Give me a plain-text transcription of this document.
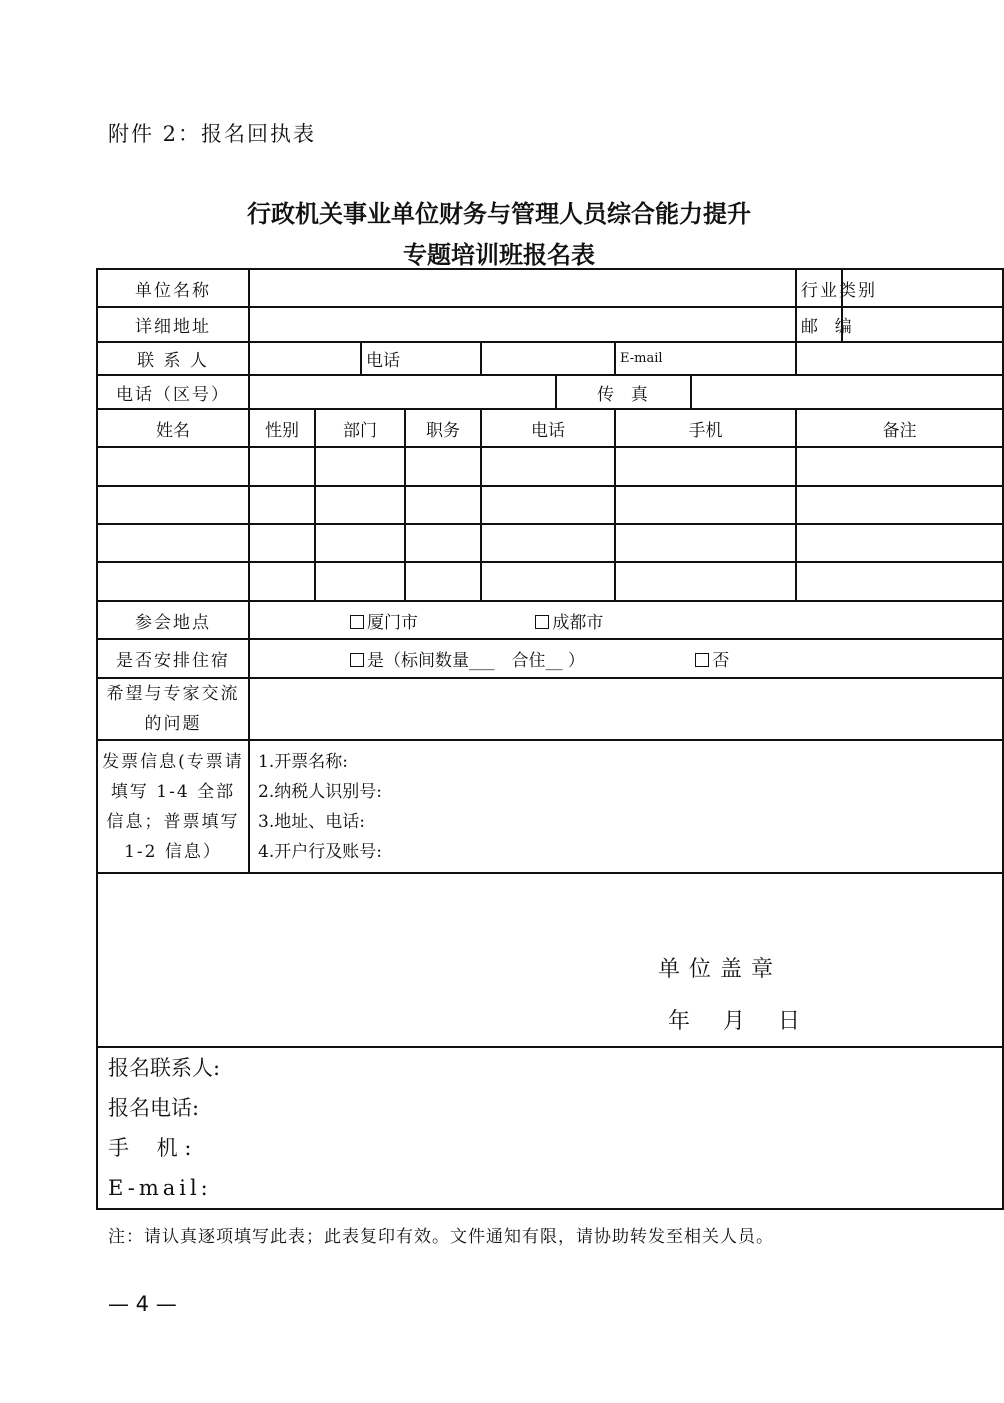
附件 2：报名回执表
行政机关事业单位财务与管理人员综合能力提升
专题培训班报名表
单位名称									行业类别	
详细地址									邮  编	
联 系 人			电话				E-mail			
电话（区号）						传  真				
姓名	性别	部门		职务	电话		手机		备注	

参会地点	厦门市 成都市									
是否安排住宿	是（标间数量___　合住__ ） 否									
希望与专家交流的问题										
发票信息(专票请填写 1-4 全部信息；普票填写 1-2 信息）	1.开票名称:
2.纳税人识别号:
3.地址、电话:
4.开户行及账号:									

单位盖章
年 月 日										

报名联系人:
报名电话:
手　 机 :
E-mail:										
注：请认真逐项填写此表；此表复印有效。文件通知有限，请协助转发至相关人员。
— 4 —
